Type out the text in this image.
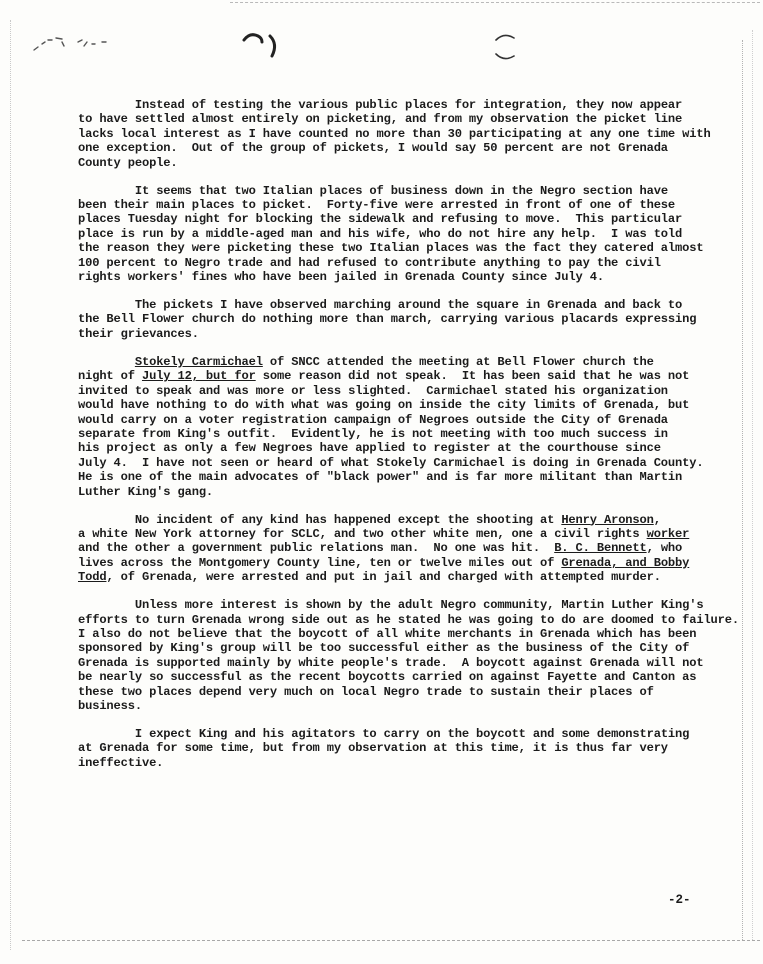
Instead of testing the various public places for integration, they now appear
to have settled almost entirely on picketing, and from my observation the picket line
lacks local interest as I have counted no more than 30 participating at any one time with
one exception.  Out of the group of pickets, I would say 50 percent are not Grenada
County people.

It seems that two Italian places of business down in the Negro section have
been their main places to picket.  Forty-five were arrested in front of one of these
places Tuesday night for blocking the sidewalk and refusing to move.  This particular
place is run by a middle-aged man and his wife, who do not hire any help.  I was told
the reason they were picketing these two Italian places was the fact they catered almost
100 percent to Negro trade and had refused to contribute anything to pay the civil
rights workers' fines who have been jailed in Grenada County since July 4.

The pickets I have observed marching around the square in Grenada and back to
the Bell Flower church do nothing more than march, carrying various placards expressing
their grievances.

Stokely Carmichael of SNCC attended the meeting at Bell Flower church the
night of July 12, but for some reason did not speak.  It has been said that he was not
invited to speak and was more or less slighted.  Carmichael stated his organization
would have nothing to do with what was going on inside the city limits of Grenada, but
would carry on a voter registration campaign of Negroes outside the City of Grenada
separate from King's outfit.  Evidently, he is not meeting with too much success in
his project as only a few Negroes have applied to register at the courthouse since
July 4.  I have not seen or heard of what Stokely Carmichael is doing in Grenada County.
He is one of the main advocates of "black power" and is far more militant than Martin
Luther King's gang.

No incident of any kind has happened except the shooting at Henry Aronson,
a white New York attorney for SCLC, and two other white men, one a civil rights worker
and the other a government public relations man.  No one was hit.  B. C. Bennett, who
lives across the Montgomery County line, ten or twelve miles out of Grenada, and Bobby
Todd, of Grenada, were arrested and put in jail and charged with attempted murder.

Unless more interest is shown by the adult Negro community, Martin Luther King's
efforts to turn Grenada wrong side out as he stated he was going to do are doomed to failure.
I also do not believe that the boycott of all white merchants in Grenada which has been
sponsored by King's group will be too successful either as the business of the City of
Grenada is supported mainly by white people's trade.  A boycott against Grenada will not
be nearly so successful as the recent boycotts carried on against Fayette and Canton as
these two places depend very much on local Negro trade to sustain their places of
business.

I expect King and his agitators to carry on the boycott and some demonstrating
at Grenada for some time, but from my observation at this time, it is thus far very
ineffective.

-2-
